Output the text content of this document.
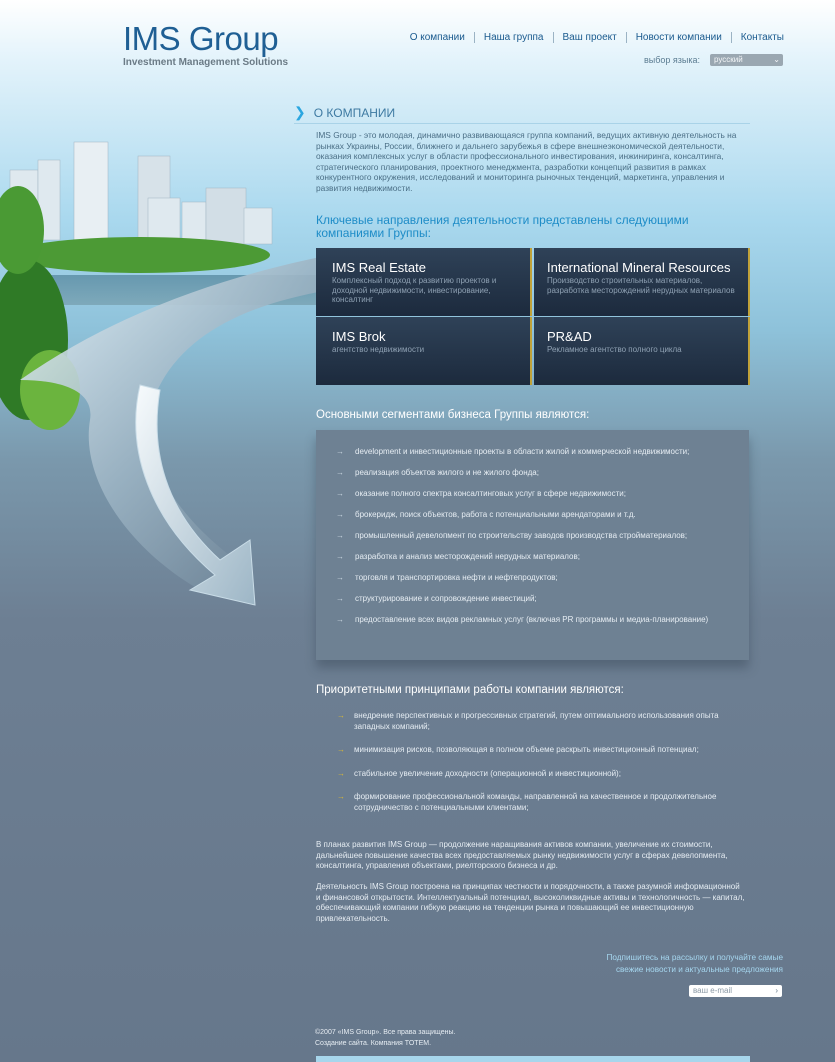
IMS Group
Investment Management Solutions
О компании	Наша группа	Ваш проект	Новости компании	Контакты
выбор языка:	русский	⌄
❯ О КОМПАНИИ

IMS Group - это молодая, динамично развивающаяся группа компаний, ведущих активную деятельность на рынках Украины, России, ближнего и дальнего зарубежья в сфере внешнеэкономической деятельности, оказания комплексных услуг в области профессионального инвестирования, инжиниринга, консалтинга, стратегического планирования, проектного менеджмента, разработки концепций развития в рамках конкурентного окружения, исследований и мониторинга рыночных тенденций, маркетинга, управления и развития недвижимости.

Ключевые направления деятельности представлены следующими компаниями Группы:
IMS Real Estate
Комплексный подход к развитию проектов и доходной недвижимости, инвестирование, консалтинг
International Mineral Resources
Производство строительных материалов, разработка месторождений нерудных материалов
IMS Brok
агентство недвижимости
PR&AD
Рекламное агентство полного цикла
Основными сегментами бизнеса Группы являются:
→	development и инвестиционные проекты в области жилой и коммерческой недвижимости;
→	реализация объектов жилого и не жилого фонда;
→	оказание полного спектра консалтинговых услуг в сфере недвижимости;
→	брокеридж, поиск объектов, работа с потенциальными арендаторами и т.д.
→	промышленный девелопмент по строительству заводов производства стройматериалов;
→	разработка и анализ месторождений нерудных материалов;
→	торговля и транспортировка нефти и нефтепродуктов;
→	структурирование и сопровождение инвестиций;
→	предоставление всех видов рекламных услуг (включая PR программы и медиа-планирование)
Приоритетными принципами работы компании являются:
→	внедрение перспективных и прогрессивных стратегий, путем оптимального использования опыта западных компаний;
→	минимизация рисков, позволяющая в полном объеме раскрыть инвестиционный потенциал;
→	стабильное увеличение доходности (операционной и инвестиционной);
→	формирование профессиональной команды, направленной на качественное и продолжительное сотрудничество с потенциальными клиентами;

В планах развития IMS Group — продолжение наращивания активов компании, увеличение их стоимости, дальнейшее повышение качества всех предоставляемых рынку недвижимости услуг в сферах девелопмента, консалтинга, управления объектами, риелторского бизнеса и др.

Деятельность IMS Group построена на принципах честности и порядочности, а также разумной информационной и финансовой открытости. Интеллектуальный потенциал, высоколиквидные активы и технологичность — капитал, обеспечивающий компании гибкую реакцию на тенденции рынка и повышающий ее инвестиционную привлекательность.

Подпишитесь на рассылку и получайте самые свежие новости и актуальные предложения
ваш e-mail	›
©2007 «IMS Group». Все права защищены.
Создание сайта. Компания TOTEM.
